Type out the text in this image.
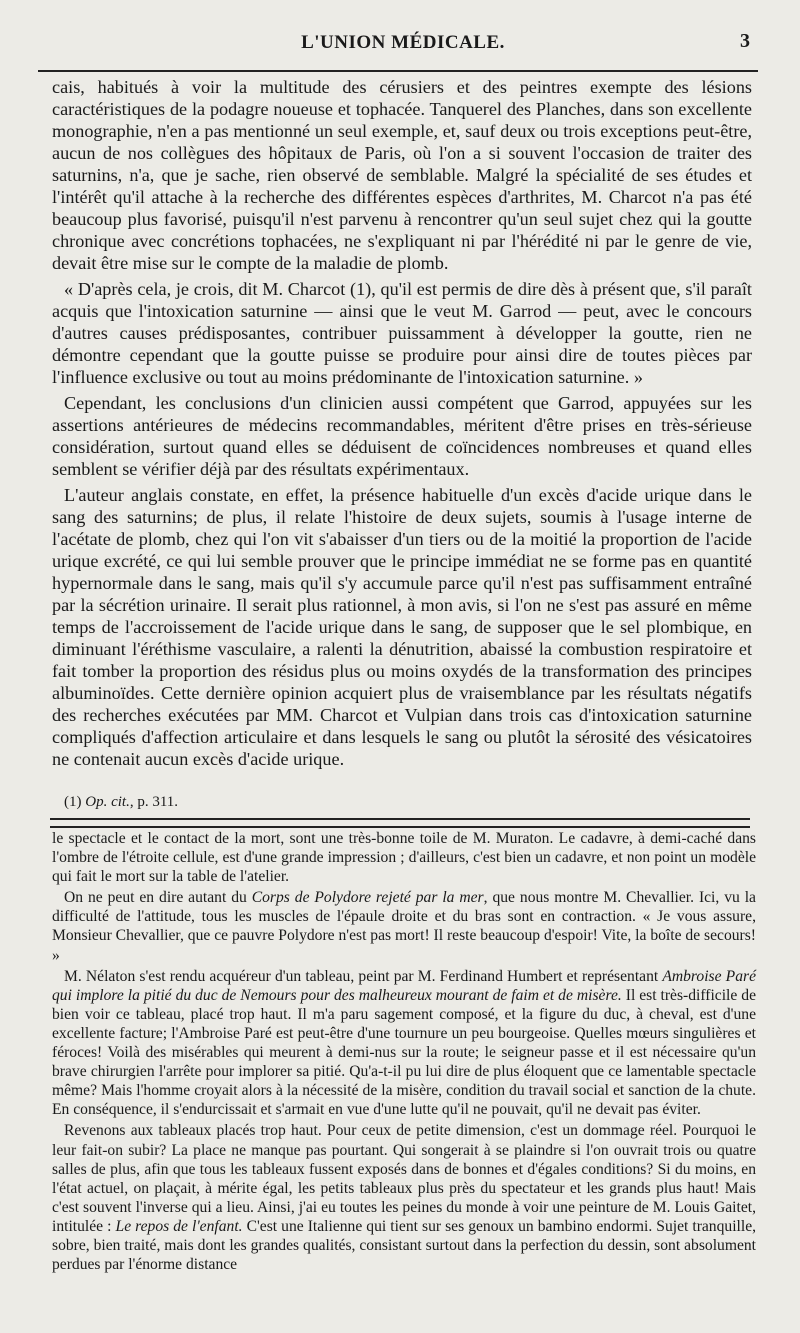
L'UNION MÉDICALE.	3

cais, habitués à voir la multitude des cérusiers et des peintres exempte des lésions caractéristiques de la podagre noueuse et tophacée. Tanquerel des Planches, dans son excellente monographie, n'en a pas mentionné un seul exemple, et, sauf deux ou trois exceptions peut-être, aucun de nos collègues des hôpitaux de Paris, où l'on a si souvent l'occasion de traiter des saturnins, n'a, que je sache, rien observé de semblable. Malgré la spécialité de ses études et l'intérêt qu'il attache à la recherche des différentes espèces d'arthrites, M. Charcot n'a pas été beaucoup plus favorisé, puisqu'il n'est parvenu à rencontrer qu'un seul sujet chez qui la goutte chronique avec concrétions tophacées, ne s'expliquant ni par l'hérédité ni par le genre de vie, devait être mise sur le compte de la maladie de plomb.

« D'après cela, je crois, dit M. Charcot (1), qu'il est permis de dire dès à présent que, s'il paraît acquis que l'intoxication saturnine — ainsi que le veut M. Garrod — peut, avec le concours d'autres causes prédisposantes, contribuer puissamment à développer la goutte, rien ne démontre cependant que la goutte puisse se produire pour ainsi dire de toutes pièces par l'influence exclusive ou tout au moins prédominante de l'intoxication saturnine. »

Cependant, les conclusions d'un clinicien aussi compétent que Garrod, appuyées sur les assertions antérieures de médecins recommandables, méritent d'être prises en très-sérieuse considération, surtout quand elles se déduisent de coïncidences nombreuses et quand elles semblent se vérifier déjà par des résultats expérimentaux.

L'auteur anglais constate, en effet, la présence habituelle d'un excès d'acide urique dans le sang des saturnins; de plus, il relate l'histoire de deux sujets, soumis à l'usage interne de l'acétate de plomb, chez qui l'on vit s'abaisser d'un tiers ou de la moitié la proportion de l'acide urique excrété, ce qui lui semble prouver que le principe immédiat ne se forme pas en quantité hypernormale dans le sang, mais qu'il s'y accumule parce qu'il n'est pas suffisamment entraîné par la sécrétion urinaire. Il serait plus rationnel, à mon avis, si l'on ne s'est pas assuré en même temps de l'accroissement de l'acide urique dans le sang, de supposer que le sel plombique, en diminuant l'éréthisme vasculaire, a ralenti la dénutrition, abaissé la combustion respiratoire et fait tomber la proportion des résidus plus ou moins oxydés de la transformation des principes albuminoïdes. Cette dernière opinion acquiert plus de vraisemblance par les résultats négatifs des recherches exécutées par MM. Charcot et Vulpian dans trois cas d'intoxication saturnine compliqués d'affection articulaire et dans lesquels le sang ou plutôt la sérosité des vésicatoires ne contenait aucun excès d'acide urique.

(1) Op. cit., p. 311.

le spectacle et le contact de la mort, sont une très-bonne toile de M. Muraton. Le cadavre, à demi-caché dans l'ombre de l'étroite cellule, est d'une grande impression ; d'ailleurs, c'est bien un cadavre, et non point un modèle qui fait le mort sur la table de l'atelier.

On ne peut en dire autant du Corps de Polydore rejeté par la mer, que nous montre M. Chevallier. Ici, vu la difficulté de l'attitude, tous les muscles de l'épaule droite et du bras sont en contraction. « Je vous assure, Monsieur Chevallier, que ce pauvre Polydore n'est pas mort! Il reste beaucoup d'espoir! Vite, la boîte de secours! »

M. Nélaton s'est rendu acquéreur d'un tableau, peint par M. Ferdinand Humbert et représentant Ambroise Paré qui implore la pitié du duc de Nemours pour des malheureux mourant de faim et de misère. Il est très-difficile de bien voir ce tableau, placé trop haut. Il m'a paru sagement composé, et la figure du duc, à cheval, est d'une excellente facture; l'Ambroise Paré est peut-être d'une tournure un peu bourgeoise. Quelles mœurs singulières et féroces! Voilà des misérables qui meurent à demi-nus sur la route; le seigneur passe et il est nécessaire qu'un brave chirurgien l'arrête pour implorer sa pitié. Qu'a-t-il pu lui dire de plus éloquent que ce lamentable spectacle même? Mais l'homme croyait alors à la nécessité de la misère, condition du travail social et sanction de la chute. En conséquence, il s'endurcissait et s'armait en vue d'une lutte qu'il ne pouvait, qu'il ne devait pas éviter.

Revenons aux tableaux placés trop haut. Pour ceux de petite dimension, c'est un dommage réel. Pourquoi le leur fait-on subir? La place ne manque pas pourtant. Qui songerait à se plaindre si l'on ouvrait trois ou quatre salles de plus, afin que tous les tableaux fussent exposés dans de bonnes et d'égales conditions? Si du moins, en l'état actuel, on plaçait, à mérite égal, les petits tableaux plus près du spectateur et les grands plus haut! Mais c'est souvent l'inverse qui a lieu. Ainsi, j'ai eu toutes les peines du monde à voir une peinture de M. Louis Gaitet, intitulée : Le repos de l'enfant. C'est une Italienne qui tient sur ses genoux un bambino endormi. Sujet tranquille, sobre, bien traité, mais dont les grandes qualités, consistant surtout dans la perfection du dessin, sont absolument perdues par l'énorme distance
